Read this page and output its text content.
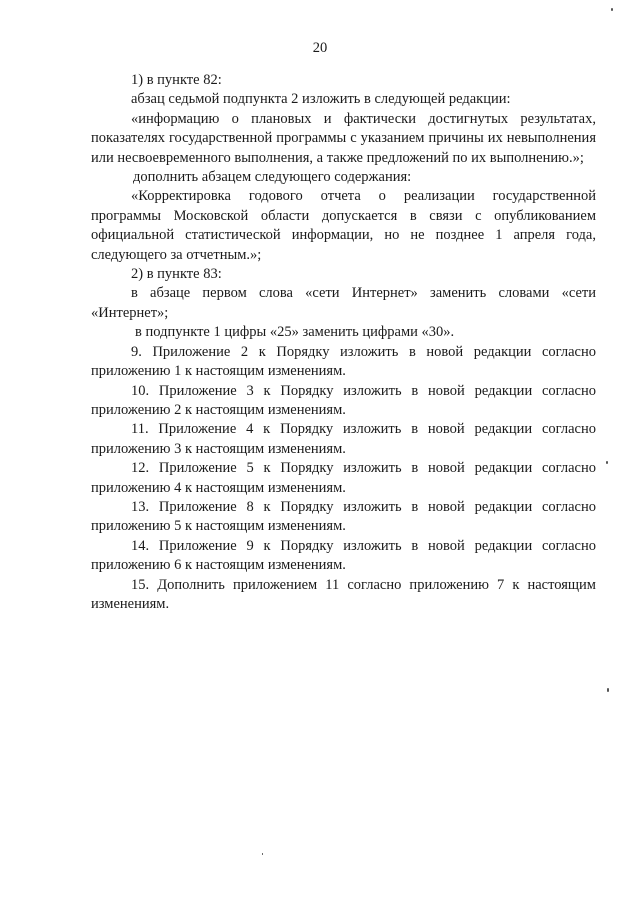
20

1) в пункте 82:

абзац седьмой подпункта 2 изложить в следующей редакции:

«информацию о плановых и фактически достигнутых результатах, показателях государственной программы с указанием причины их невыполнения или несвоевременного выполнения, а также предложений по их выполнению.»;

дополнить абзацем следующего содержания:

«Корректировка годового отчета о реализации государственной программы Московской области допускается в связи с опубликованием официальной статистической информации, но не позднее 1 апреля года, следующего за отчетным.»;

2) в пункте 83:

в абзаце первом слова «сети Интернет» заменить словами «сети «Интернет»;

в подпункте 1 цифры «25» заменить цифрами «30».

9. Приложение 2 к Порядку изложить в новой редакции согласно приложению 1 к настоящим изменениям.

10. Приложение 3 к Порядку изложить в новой редакции согласно приложению 2 к настоящим изменениям.

11. Приложение 4 к Порядку изложить в новой редакции согласно приложению 3 к настоящим изменениям.

12. Приложение 5 к Порядку изложить в новой редакции согласно приложению 4 к настоящим изменениям.

13. Приложение 8 к Порядку изложить в новой редакции согласно приложению 5 к настоящим изменениям.

14. Приложение 9 к Порядку изложить в новой редакции согласно приложению 6 к настоящим изменениям.

15. Дополнить приложением 11 согласно приложению 7 к настоящим изменениям.
